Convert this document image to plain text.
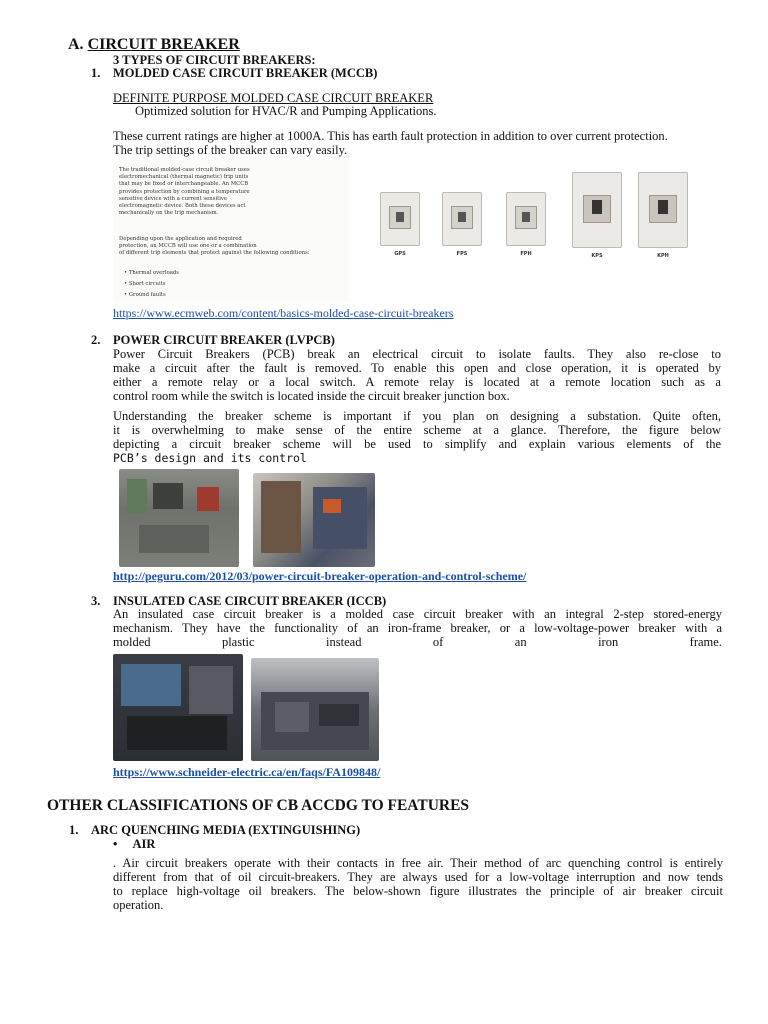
A. CIRCUIT BREAKER
3 TYPES OF CIRCUIT BREAKERS:
1. MOLDED CASE CIRCUIT BREAKER (MCCB)
DEFINITE PURPOSE MOLDED CASE CIRCUIT BREAKER
Optimized solution for HVAC/R and Pumping Applications.
These current ratings are higher at 1000A. This has earth fault protection in addition to over current protection.
The trip settings of the breaker can vary easily.
The traditional molded-case circuit breaker uses
electromechanical (thermal magnetic) trip units
that may be fixed or interchangeable. An MCCB
provides protection by combining a temperature
sensitive device with a current sensitive
electromagnetic device. Both these devices act
mechanically on the trip mechanism.
Depending upon the application and required
protection, an MCCB will use one or a combination
of different trip elements that protect against the following conditions:
• Thermal overloads
• Short circuits
• Ground faults
GPS	FPS	FPH	KPS	KPH
https://www.ecmweb.com/content/basics-molded-case-circuit-breakers
2. POWER CIRCUIT BREAKER (LVPCB)
Power Circuit Breakers (PCB) break an electrical circuit to isolate faults. They also re-close to
make a circuit after the fault is removed. To enable this open and close operation, it is operated by
either a remote relay or a local switch. A remote relay is located at a remote location such as a
control room while the switch is located inside the circuit breaker junction box.
Understanding the breaker scheme is important if you plan on designing a substation. Quite often,
it is overwhelming to make sense of the entire scheme at a glance. Therefore, the figure below
depicting a circuit breaker scheme will be used to simplify and explain various elements of the
PCB’s design and its control
http://peguru.com/2012/03/power-circuit-breaker-operation-and-control-scheme/
3. INSULATED CASE CIRCUIT BREAKER (ICCB)
An insulated case circuit breaker is a molded case circuit breaker with an integral 2-step stored-energy
mechanism. They have the functionality of an iron-frame breaker, or a low-voltage-power breaker with a
molded	plastic	instead	of	an	iron	frame.
https://www.schneider-electric.ca/en/faqs/FA109848/
OTHER CLASSIFICATIONS OF CB ACCDG TO FEATURES
1. ARC QUENCHING MEDIA (EXTINGUISHING)
• AIR
. Air circuit breakers operate with their contacts in free air. Their method of arc quenching control is entirely
different from that of oil circuit-breakers. They are always used for a low-voltage interruption and now tends
to replace high-voltage oil breakers. The below-shown figure illustrates the principle of air breaker circuit
operation.
